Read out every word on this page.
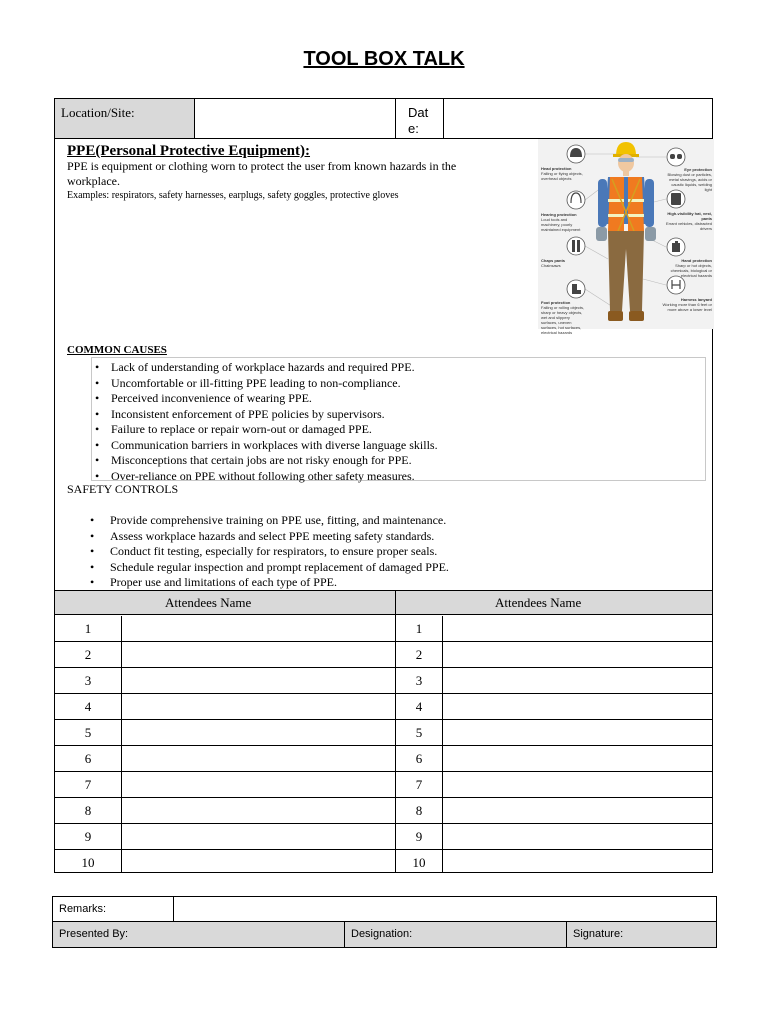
TOOL BOX TALK
Location/Site:	Dat
e:
PPE(Personal Protective Equipment):
PPE is equipment or clothing worn to protect the user from known hazards in the workplace.
Examples: respirators, safety harnesses, earplugs, safety goggles, protective gloves
Head protection
Falling or flying objects, overhead objects
Eye protection
Blowing dust or particles, metal shavings, acids or caustic liquids, welding light
Hearing protection
Loud tools and machinery, poorly maintained equipment
High-visibility hat, vest, pants
Errant vehicles, distracted drivers
Chaps pants
Chainsaws
Hand protection
Sharp or hot objects, chemicals, biological or electrical hazards
Harness lanyard
Working more than 6 feet or more above a lower level
Foot protection
Falling or rolling objects, sharp or heavy objects, wet and slippery surfaces, uneven surfaces, hot surfaces, electrical hazards
COMMON CAUSES
• Lack of understanding of workplace hazards and required PPE.
• Uncomfortable or ill-fitting PPE leading to non-compliance.
• Perceived inconvenience of wearing PPE.
• Inconsistent enforcement of PPE policies by supervisors.
• Failure to replace or repair worn-out or damaged PPE.
• Communication barriers in workplaces with diverse language skills.
• Misconceptions that certain jobs are not risky enough for PPE.
• Over-reliance on PPE without following other safety measures.
SAFETY CONTROLS
• Provide comprehensive training on PPE use, fitting, and maintenance.
• Assess workplace hazards and select PPE meeting safety standards.
• Conduct fit testing, especially for respirators, to ensure proper seals.
• Schedule regular inspection and prompt replacement of damaged PPE.
• Proper use and limitations of each type of PPE.
Attendees Name	Attendees Name
1	1
2	2
3	3
4	4
5	5
6	6
7	7
8	8
9	9
10	10
Remarks:
Presented By:	Designation:	Signature:
